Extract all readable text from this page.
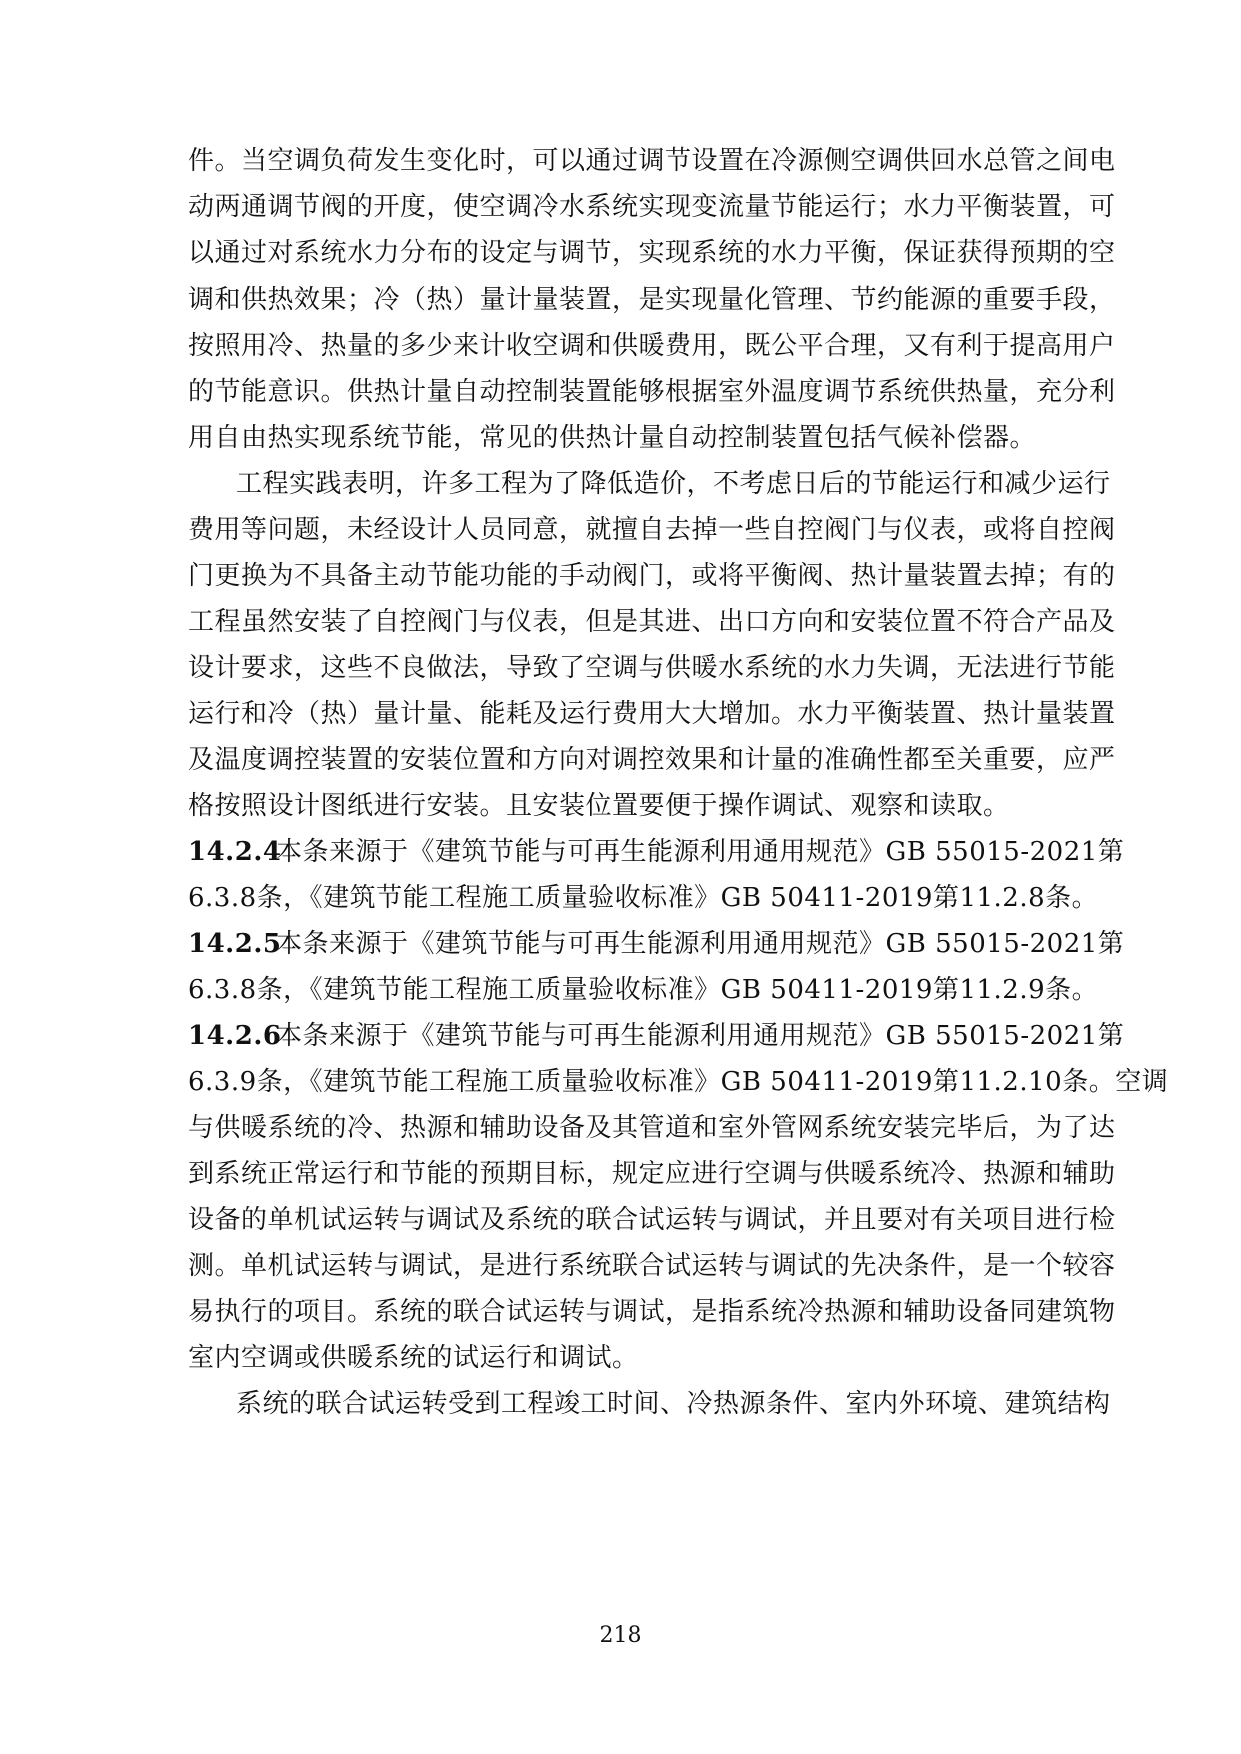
件。当空调负荷发生变化时，可以通过调节设置在冷源侧空调供回水总管之间电
动两通调节阀的开度，使空调冷水系统实现变流量节能运行；水力平衡装置，可
以通过对系统水力分布的设定与调节，实现系统的水力平衡，保证获得预期的空
调和供热效果；冷（热）量计量装置，是实现量化管理、节约能源的重要手段，
按照用冷、热量的多少来计收空调和供暖费用，既公平合理，又有利于提高用户
的节能意识。供热计量自动控制装置能够根据室外温度调节系统供热量，充分利
用自由热实现系统节能，常见的供热计量自动控制装置包括气候补偿器。
工程实践表明，许多工程为了降低造价，不考虑日后的节能运行和减少运行
费用等问题，未经设计人员同意，就擅自去掉一些自控阀门与仪表，或将自控阀
门更换为不具备主动节能功能的手动阀门，或将平衡阀、热计量装置去掉；有的
工程虽然安装了自控阀门与仪表，但是其进、出口方向和安装位置不符合产品及
设计要求，这些不良做法，导致了空调与供暖水系统的水力失调，无法进行节能
运行和冷（热）量计量、能耗及运行费用大大增加。水力平衡装置、热计量装置
及温度调控装置的安装位置和方向对调控效果和计量的准确性都至关重要，应严
格按照设计图纸进行安装。且安装位置要便于操作调试、观察和读取。
14.2.4本条来源于《建筑节能与可再生能源利用通用规范》GB 55015-2021第
6.3.8条，《建筑节能工程施工质量验收标准》GB 50411-2019第11.2.8条。
14.2.5本条来源于《建筑节能与可再生能源利用通用规范》GB 55015-2021第
6.3.8条，《建筑节能工程施工质量验收标准》GB 50411-2019第11.2.9条。
14.2.6本条来源于《建筑节能与可再生能源利用通用规范》GB 55015-2021第
6.3.9条，《建筑节能工程施工质量验收标准》GB 50411-2019第11.2.10条。空调
与供暖系统的冷、热源和辅助设备及其管道和室外管网系统安装完毕后，为了达
到系统正常运行和节能的预期目标，规定应进行空调与供暖系统冷、热源和辅助
设备的单机试运转与调试及系统的联合试运转与调试，并且要对有关项目进行检
测。单机试运转与调试，是进行系统联合试运转与调试的先决条件，是一个较容
易执行的项目。系统的联合试运转与调试，是指系统冷热源和辅助设备同建筑物
室内空调或供暖系统的试运行和调试。
系统的联合试运转受到工程竣工时间、冷热源条件、室内外环境、建筑结构
218
